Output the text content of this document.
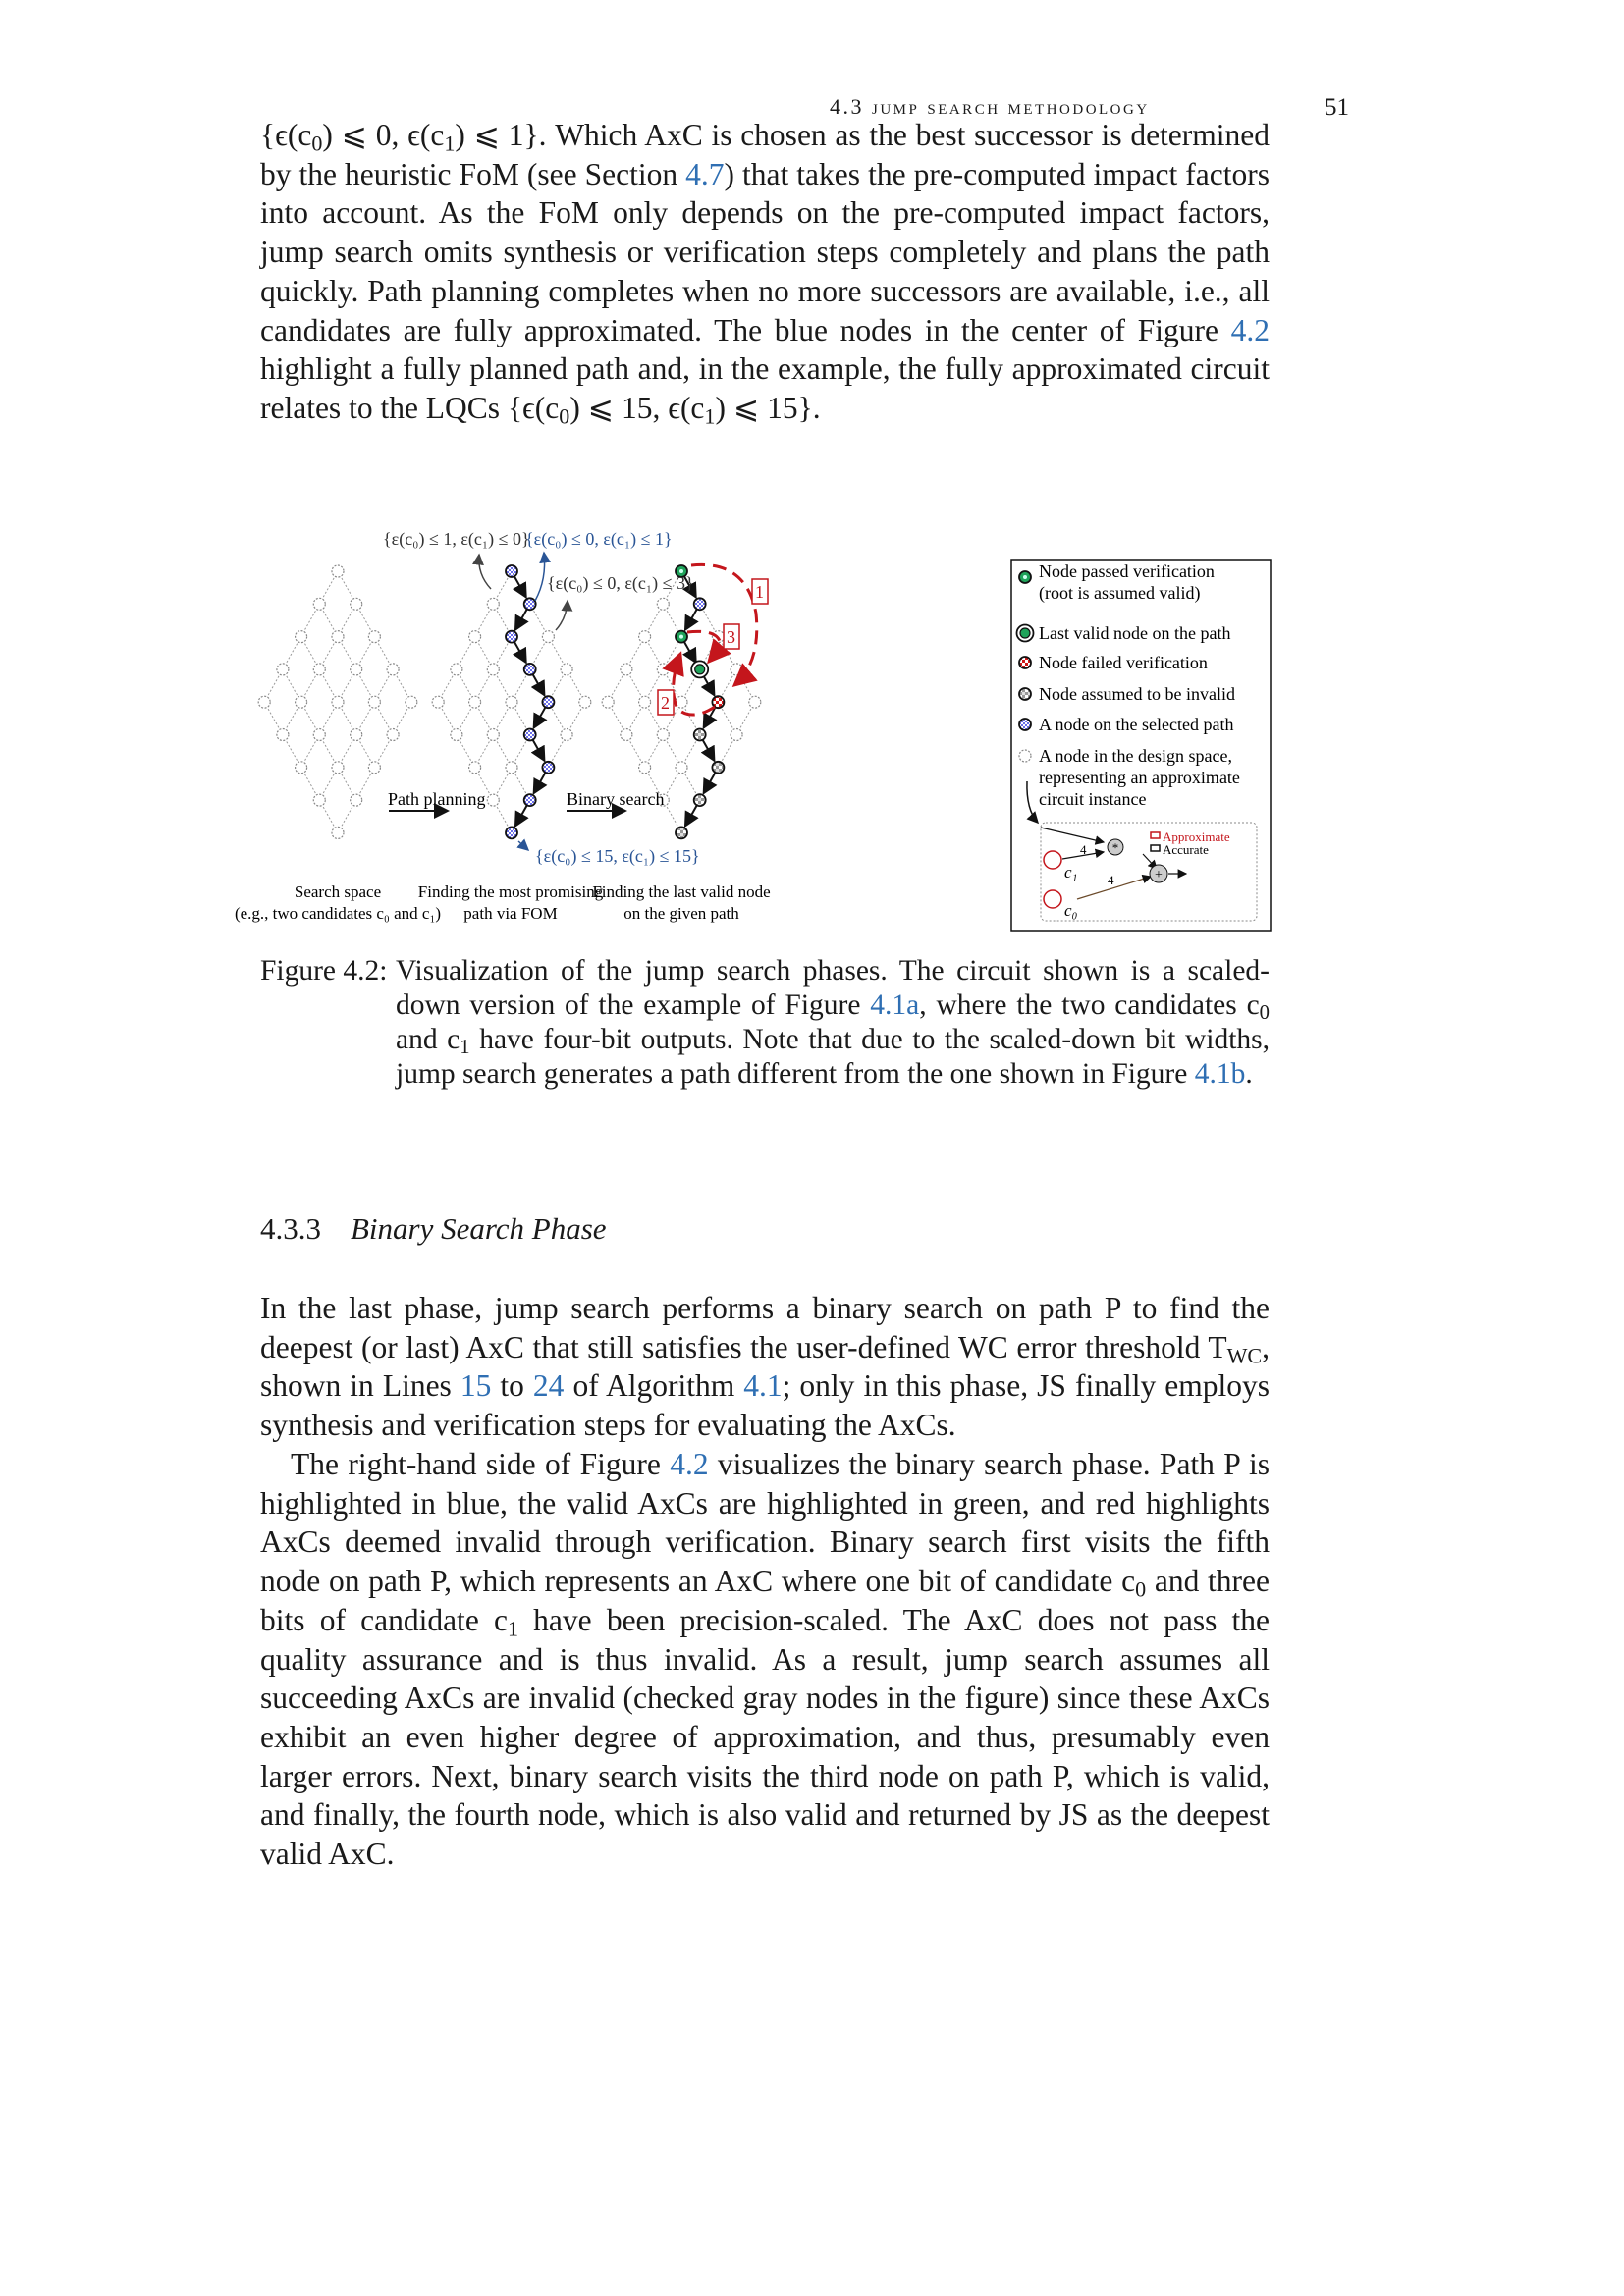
4.3 jump search methodology	51
{$\epsilon(c_0)$ ⩽ 0, $\epsilon(c_1)$ ⩽ 1}. Which AxC is chosen as the best successor is determined by the heuristic FoM (see Section 4.7) that takes the pre-computed impact factors into account. As the FoM only depends on the pre-computed impact factors, jump search omits synthesis or verification steps completely and plans the path quickly. Path planning completes when no more successors are available, i.e., all candidates are fully approximated. The blue nodes in the center of Figure 4.2 highlight a fully planned path and, in the example, the fully approximated circuit relates to the LQCs {$\epsilon(c_0)$ ⩽ 15, $\epsilon(c_1)$ ⩽ 15}.
{ε(c₀) ≤ 1, ε(c₁) ≤ 0}
{ε(c₀) ≤ 0, ε(c₁) ≤ 1}
{ε(c₀) ≤ 0, ε(c₁) ≤ 3}
{ε(c₀) ≤ 15, ε(c₁) ≤ 15}
Path planning	Binary search
1
3
2
Search space
(e.g., two candidates c₀ and c₁)
Finding the most promising
path via FOM
Finding the last valid node
on the given path
Node passed verification
(root is assumed valid)
Last valid node on the path
Node failed verification
Node assumed to be invalid
A node on the selected path
A node in the design space,
representing an approximate
circuit instance
Approximate
Accurate
*
+
4
4
c₁
c₀
Figure 4.2: Visualization of the jump search phases. The circuit shown is a scaled-down version of the example of Figure 4.1a, where the two candidates $c_0$ and $c_1$ have four-bit outputs. Note that due to the scaled-down bit widths, jump search generates a path different from the one shown in Figure 4.1b.
4.3.3 Binary Search Phase
In the last phase, jump search performs a binary search on path P to find the deepest (or last) AxC that still satisfies the user-defined WC error threshold $T_{WC}$, shown in Lines 15 to 24 of Algorithm 4.1; only in this phase, JS finally employs synthesis and verification steps for evaluating the AxCs.
The right-hand side of Figure 4.2 visualizes the binary search phase. Path P is highlighted in blue, the valid AxCs are highlighted in green, and red highlights AxCs deemed invalid through verification. Binary search first visits the fifth node on path P, which represents an AxC where one bit of candidate $c_0$ and three bits of candidate $c_1$ have been precision-scaled. The AxC does not pass the quality assurance and is thus invalid. As a result, jump search assumes all succeeding AxCs are invalid (checked gray nodes in the figure) since these AxCs exhibit an even higher degree of approximation, and thus, presumably even larger errors. Next, binary search visits the third node on path P, which is valid, and finally, the fourth node, which is also valid and returned by JS as the deepest valid AxC.
